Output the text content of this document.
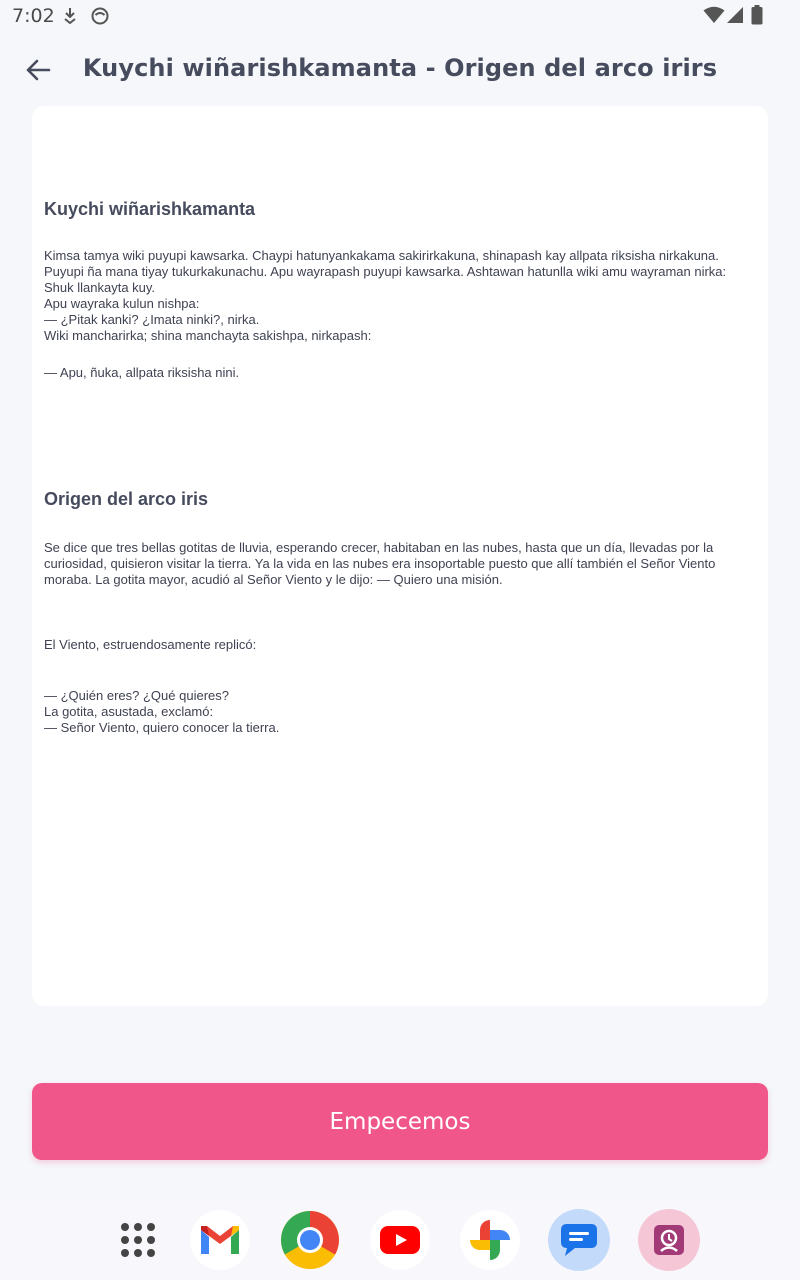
7:02
Kuychi wiñarishkamanta - Origen del arco irirs
Kuychi wiñarishkamanta

Kimsa tamya wiki puyupi kawsarka. Chaypi hatunyankakama sakirirkakuna, shinapash kay allpata riksisha nirkakuna. Puyupi ña mana tiyay tukurkakunachu. Apu wayrapash puyupi kawsarka. Ashtawan hatunlla wiki amu wayraman nirka: Shuk llankayta kuy.

Apu wayraka kulun nishpa:

— ¿Pitak kanki? ¿Imata ninki?, nirka.

Wiki mancharirka; shina manchayta sakishpa, nirkapash:

— Apu, ñuka, allpata riksisha nini.

Origen del arco iris

Se dice que tres bellas gotitas de lluvia, esperando crecer, habitaban en las nubes, hasta que un día, llevadas por la curiosidad, quisieron visitar la tierra. Ya la vida en las nubes era insoportable puesto que allí también el Señor Viento moraba. La gotita mayor, acudió al Señor Viento y le dijo: — Quiero una misión.

El Viento, estruendosamente replicó:

— ¿Quién eres? ¿Qué quieres?

La gotita, asustada, exclamó:

— Señor Viento, quiero conocer la tierra.

Empecemos
